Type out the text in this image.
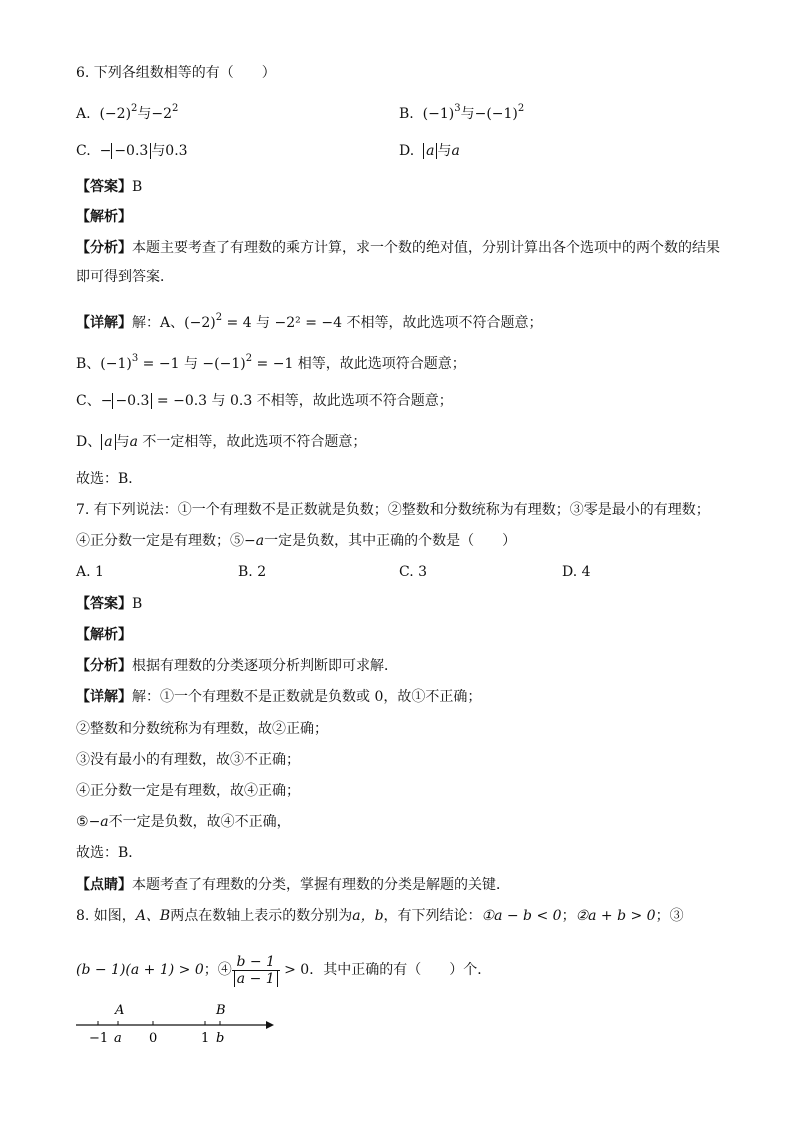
6. 下列各组数相等的有（　　）
A. $(-2)^2$与$-2^2$	B. $(-1)^3$与$-(-1)^2$
C. − −0.3 与0.3	D. a 与a
【答案】B
【解析】
【分析】本题主要考查了有理数的乘方计算，求一个数的绝对值，分别计算出各个选项中的两个数的结果即可得到答案．
【详解】解：A、$(-2)^2 = 4$ 与 −2² = −4 不相等，故此选项不符合题意；
B、$(-1)^3 = -1$ 与 $-(-1)^2 = -1$ 相等，故此选项符合题意；
C、− −0.3 = −0.3 与 0.3 不相等，故此选项不符合题意；
D、 a 与a 不一定相等，故此选项不符合题意；
故选：B．
7. 有下列说法：①一个有理数不是正数就是负数；②整数和分数统称为有理数；③零是最小的有理数；
④正分数一定是有理数；⑤−a一定是负数，其中正确的个数是（　　）
A. 1	B. 2	C. 3	D. 4
【答案】B
【解析】
【分析】根据有理数的分类逐项分析判断即可求解．
【详解】解：①一个有理数不是正数就是负数或 0，故①不正确；
②整数和分数统称为有理数，故②正确；
③没有最小的有理数，故③不正确；
④正分数一定是有理数，故④正确；
⑤−a不一定是负数，故④不正确，
故选：B．
【点睛】本题考查了有理数的分类，掌握有理数的分类是解题的关键．
8. 如图，A、B两点在数轴上表示的数分别为a，b，有下列结论：①a − b < 0；②a + b > 0；③
(b − 1)(a + 1) > 0；④ $\frac{b - 1}{a - 1} > 0$．其中正确的有（　　）个．
A	B
−1 a 0	1 b
